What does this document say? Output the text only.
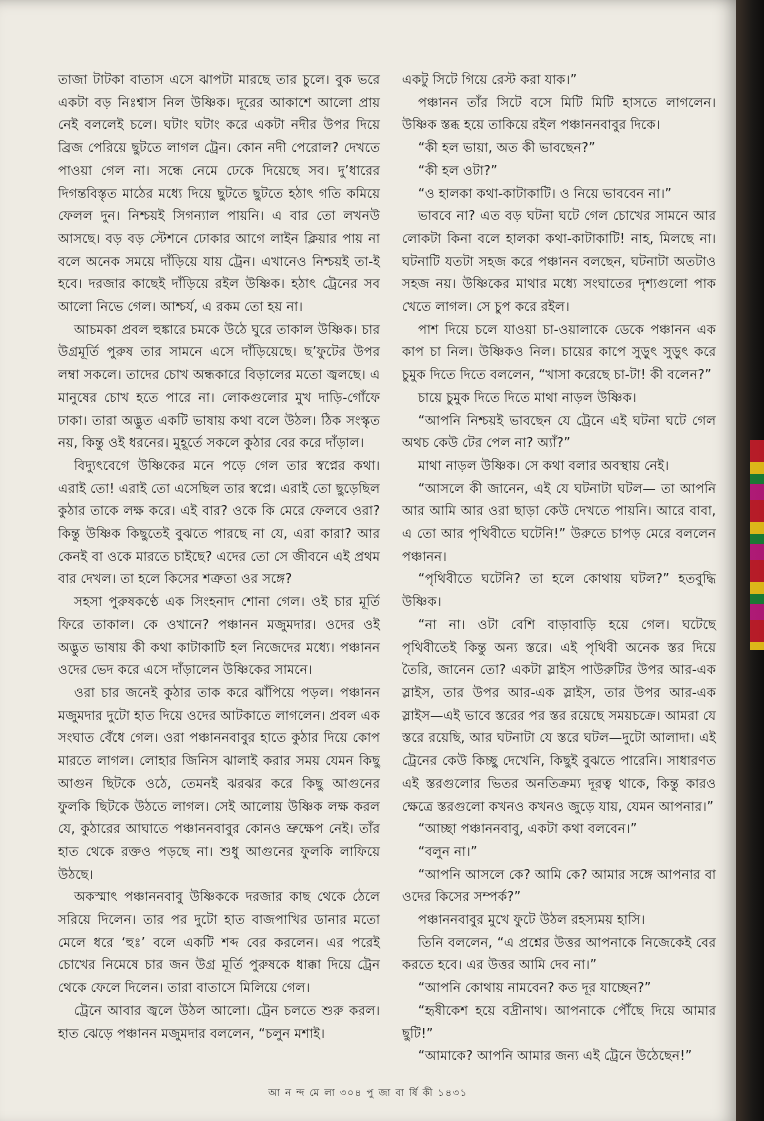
তাজা টাটকা বাতাস এসে ঝাপটা মারছে তার চুলে। বুক ভরে একটা বড় নিঃশ্বাস নিল উষ্ণিক। দূরের আকাশে আলো প্রায় নেই বললেই চলে। ঘটাং ঘটাং করে একটা নদীর উপর দিয়ে ব্রিজ পেরিয়ে ছুটতে লাগল ট্রেন। কোন নদী পেরোল? দেখতে পাওয়া গেল না। সন্ধে নেমে ঢেকে দিয়েছে সব। দু’ধারের দিগন্তবিস্তৃত মাঠের মধ্যে দিয়ে ছুটতে ছুটতে হঠাৎ গতি কমিয়ে ফেলল দুন। নিশ্চয়ই সিগন্যাল পায়নি। এ বার তো লখনউ আসছে। বড় বড় স্টেশনে ঢোকার আগে লাইন ক্লিয়ার পায় না বলে অনেক সময়ে দাঁড়িয়ে যায় ট্রেন। এখানেও নিশ্চয়ই তা-ই হবে। দরজার কাছেই দাঁড়িয়ে রইল উষ্ণিক। হঠাৎ ট্রেনের সব আলো নিভে গেল। আশ্চর্য, এ রকম তো হয় না।

আচমকা প্রবল হুঙ্কারে চমকে উঠে ঘুরে তাকাল উষ্ণিক। চার উগ্রমূর্তি পুরুষ তার সামনে এসে দাঁড়িয়েছে। ছ’ফুটের উপর লম্বা সকলে। তাদের চোখ অন্ধকারে বিড়ালের মতো জ্বলছে। এ মানুষের চোখ হতে পারে না। লোকগুলোর মুখ দাড়ি-গোঁফে ঢাকা। তারা অদ্ভুত একটি ভাষায় কথা বলে উঠল। ঠিক সংস্কৃত নয়, কিন্তু ওই ধরনের। মুহূর্তে সকলে কুঠার বের করে দাঁড়াল।

বিদ্যুৎবেগে উষ্ণিকের মনে পড়ে গেল তার স্বপ্নের কথা। এরাই তো! এরাই তো এসেছিল তার স্বপ্নে। এরাই তো ছুড়েছিল কুঠার তাকে লক্ষ করে। এই বার? ওকে কি মেরে ফেলবে ওরা? কিন্তু উষ্ণিক কিছুতেই বুঝতে পারছে না যে, এরা কারা? আর কেনই বা ওকে মারতে চাইছে? এদের তো সে জীবনে এই প্রথম বার দেখল। তা হলে কিসের শত্রুতা ওর সঙ্গে?

সহসা পুরুষকণ্ঠে এক সিংহনাদ শোনা গেল। ওই চার মূর্তি ফিরে তাকাল। কে ওখানে? পঞ্চানন মজুমদার। ওদের ওই অদ্ভুত ভাষায় কী কথা কাটাকাটি হল নিজেদের মধ্যে। পঞ্চানন ওদের ভেদ করে এসে দাঁড়ালেন উষ্ণিকের সামনে।

ওরা চার জনেই কুঠার তাক করে ঝাঁপিয়ে পড়ল। পঞ্চানন মজুমদার দুটো হাত দিয়ে ওদের আটকাতে লাগলেন। প্রবল এক সংঘাত বেঁধে গেল। ওরা পঞ্চাননবাবুর হাতে কুঠার দিয়ে কোপ মারতে লাগল। লোহার জিনিস ঝালাই করার সময় যেমন কিছু আগুন ছিটকে ওঠে, তেমনই ঝরঝর করে কিছু আগুনের ফুলকি ছিটকে উঠতে লাগল। সেই আলোয় উষ্ণিক লক্ষ করল যে, কুঠারের আঘাতে পঞ্চাননবাবুর কোনও ভ্রুক্ষেপ নেই। তাঁর হাত থেকে রক্তও পড়ছে না। শুধু আগুনের ফুলকি লাফিয়ে উঠছে।

অকস্মাৎ পঞ্চাননবাবু উষ্ণিককে দরজার কাছ থেকে ঠেলে সরিয়ে দিলেন। তার পর দুটো হাত বাজপাখির ডানার মতো মেলে ধরে ‘হুঃ’ বলে একটি শব্দ বের করলেন। এর পরেই চোখের নিমেষে চার জন উগ্র মূর্তি পুরুষকে ধাক্কা দিয়ে ট্রেন থেকে ফেলে দিলেন। তারা বাতাসে মিলিয়ে গেল।

ট্রেনে আবার জ্বলে উঠল আলো। ট্রেন চলতে শুরু করল। হাত ঝেড়ে পঞ্চানন মজুমদার বললেন, “চলুন মশাই।

একটু সিটে গিয়ে রেস্ট করা যাক।”

পঞ্চানন তাঁর সিটে বসে মিটি মিটি হাসতে লাগলেন। উষ্ণিক স্তব্ধ হয়ে তাকিয়ে রইল পঞ্চাননবাবুর দিকে।

“কী হল ভায়া, অত কী ভাবছেন?”

“কী হল ওটা?”

“ও হালকা কথা-কাটাকাটি। ও নিয়ে ভাববেন না।”

ভাববে না? এত বড় ঘটনা ঘটে গেল চোখের সামনে আর লোকটা কিনা বলে হালকা কথা-কাটাকাটি! নাহ, মিলছে না। ঘটনাটি যতটা সহজ করে পঞ্চানন বলছেন, ঘটনাটা অতটাও সহজ নয়। উষ্ণিকের মাথার মধ্যে সংঘাতের দৃশ্যগুলো পাক খেতে লাগল। সে চুপ করে রইল।

পাশ দিয়ে চলে যাওয়া চা-ওয়ালাকে ডেকে পঞ্চানন এক কাপ চা নিল। উষ্ণিকও নিল। চায়ের কাপে সুড়ুৎ সুড়ুৎ করে চুমুক দিতে দিতে বললেন, “খাসা করেছে চা-টা! কী বলেন?”

চায়ে চুমুক দিতে দিতে মাথা নাড়ল উষ্ণিক।

“আপনি নিশ্চয়ই ভাবছেন যে ট্রেনে এই ঘটনা ঘটে গেল অথচ কেউ টের পেল না? অ্যাঁ?”

মাথা নাড়ল উষ্ণিক। সে কথা বলার অবস্থায় নেই।

“আসলে কী জানেন, এই যে ঘটনাটা ঘটল— তা আপনি আর আমি আর ওরা ছাড়া কেউ দেখতে পায়নি। আরে বাবা, এ তো আর পৃথিবীতে ঘটেনি!” উরুতে চাপড় মেরে বললেন পঞ্চানন।

“পৃথিবীতে ঘটেনি? তা হলে কোথায় ঘটল?” হতবুদ্ধি উষ্ণিক।

“না না। ওটা বেশি বাড়াবাড়ি হয়ে গেল। ঘটেছে পৃথিবীতেই কিন্তু অন্য স্তরে। এই পৃথিবী অনেক স্তর দিয়ে তৈরি, জানেন তো? একটা স্লাইস পাউরুটির উপর আর-এক স্লাইস, তার উপর আর-এক স্লাইস, তার উপর আর-এক স্লাইস—এই ভাবে স্তরের পর স্তর রয়েছে সময়চক্রে। আমরা যে স্তরে রয়েছি, আর ঘটনাটা যে স্তরে ঘটল—দুটো আলাদা। এই ট্রেনের কেউ কিচ্ছু দেখেনি, কিছুই বুঝতে পারেনি। সাধারণত এই স্তরগুলোর ভিতর অনতিক্রম্য দূরত্ব থাকে, কিন্তু কারও ক্ষেত্রে স্তরগুলো কখনও কখনও জুড়ে যায়, যেমন আপনার।”

“আচ্ছা পঞ্চাননবাবু, একটা কথা বলবেন।”

“বলুন না।”

“আপনি আসলে কে? আমি কে? আমার সঙ্গে আপনার বা ওদের কিসের সম্পর্ক?”

পঞ্চাননবাবুর মুখে ফুটে উঠল রহস্যময় হাসি।

তিনি বললেন, “এ প্রশ্নের উত্তর আপনাকে নিজেকেই বের করতে হবে। এর উত্তর আমি দেব না।”

“আপনি কোথায় নামবেন? কত দূর যাচ্ছেন?”

“হৃষীকেশ হয়ে বদ্রীনাথ। আপনাকে পৌঁছে দিয়ে আমার ছুটি!”

“আমাকে? আপনি আমার জন্য এই ট্রেনে উঠেছেন!”

আ ন ন্দ মে লা ৩০৪ পু জা বা র্ষি কী ১৪৩১
